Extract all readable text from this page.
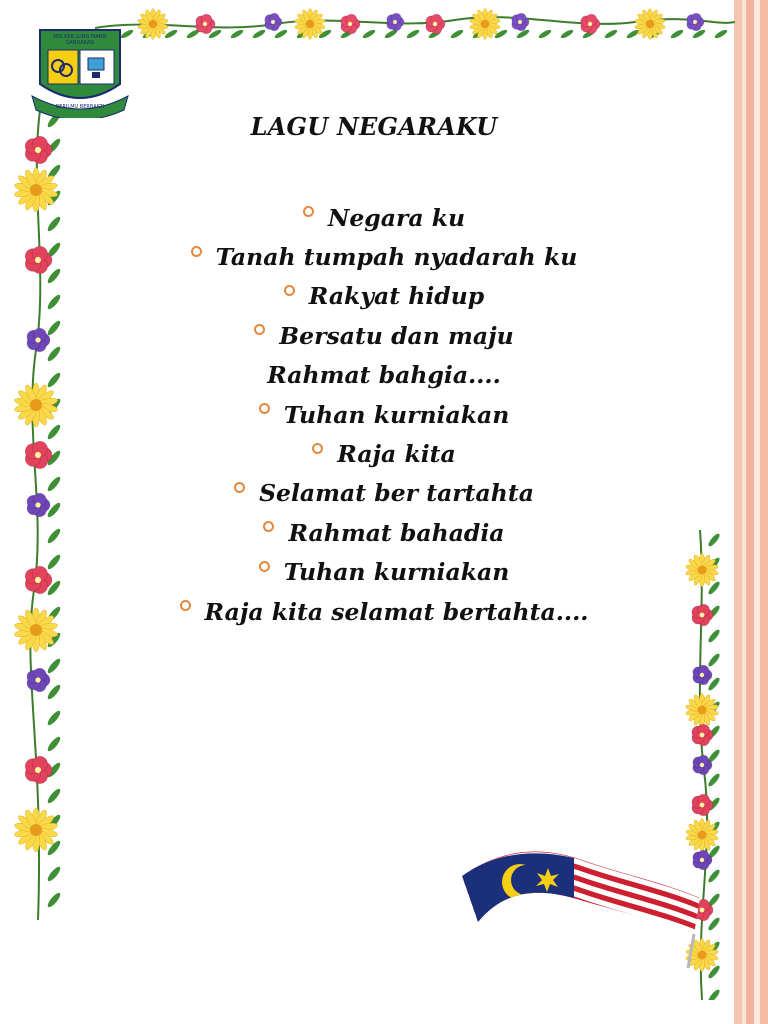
SEK.KEB.LUNG MANIS
SANDAKAN
BERILMU BERBAKTI
LAGU NEGARAKU
Negara ku
Tanah tumpah nyadarah ku
Rakyat hidup
Bersatu dan maju
Rahmat bahgia....
Tuhan kurniakan
Raja kita
Selamat ber tartahta
Rahmat bahadia
Tuhan kurniakan
Raja kita selamat bertahta....
